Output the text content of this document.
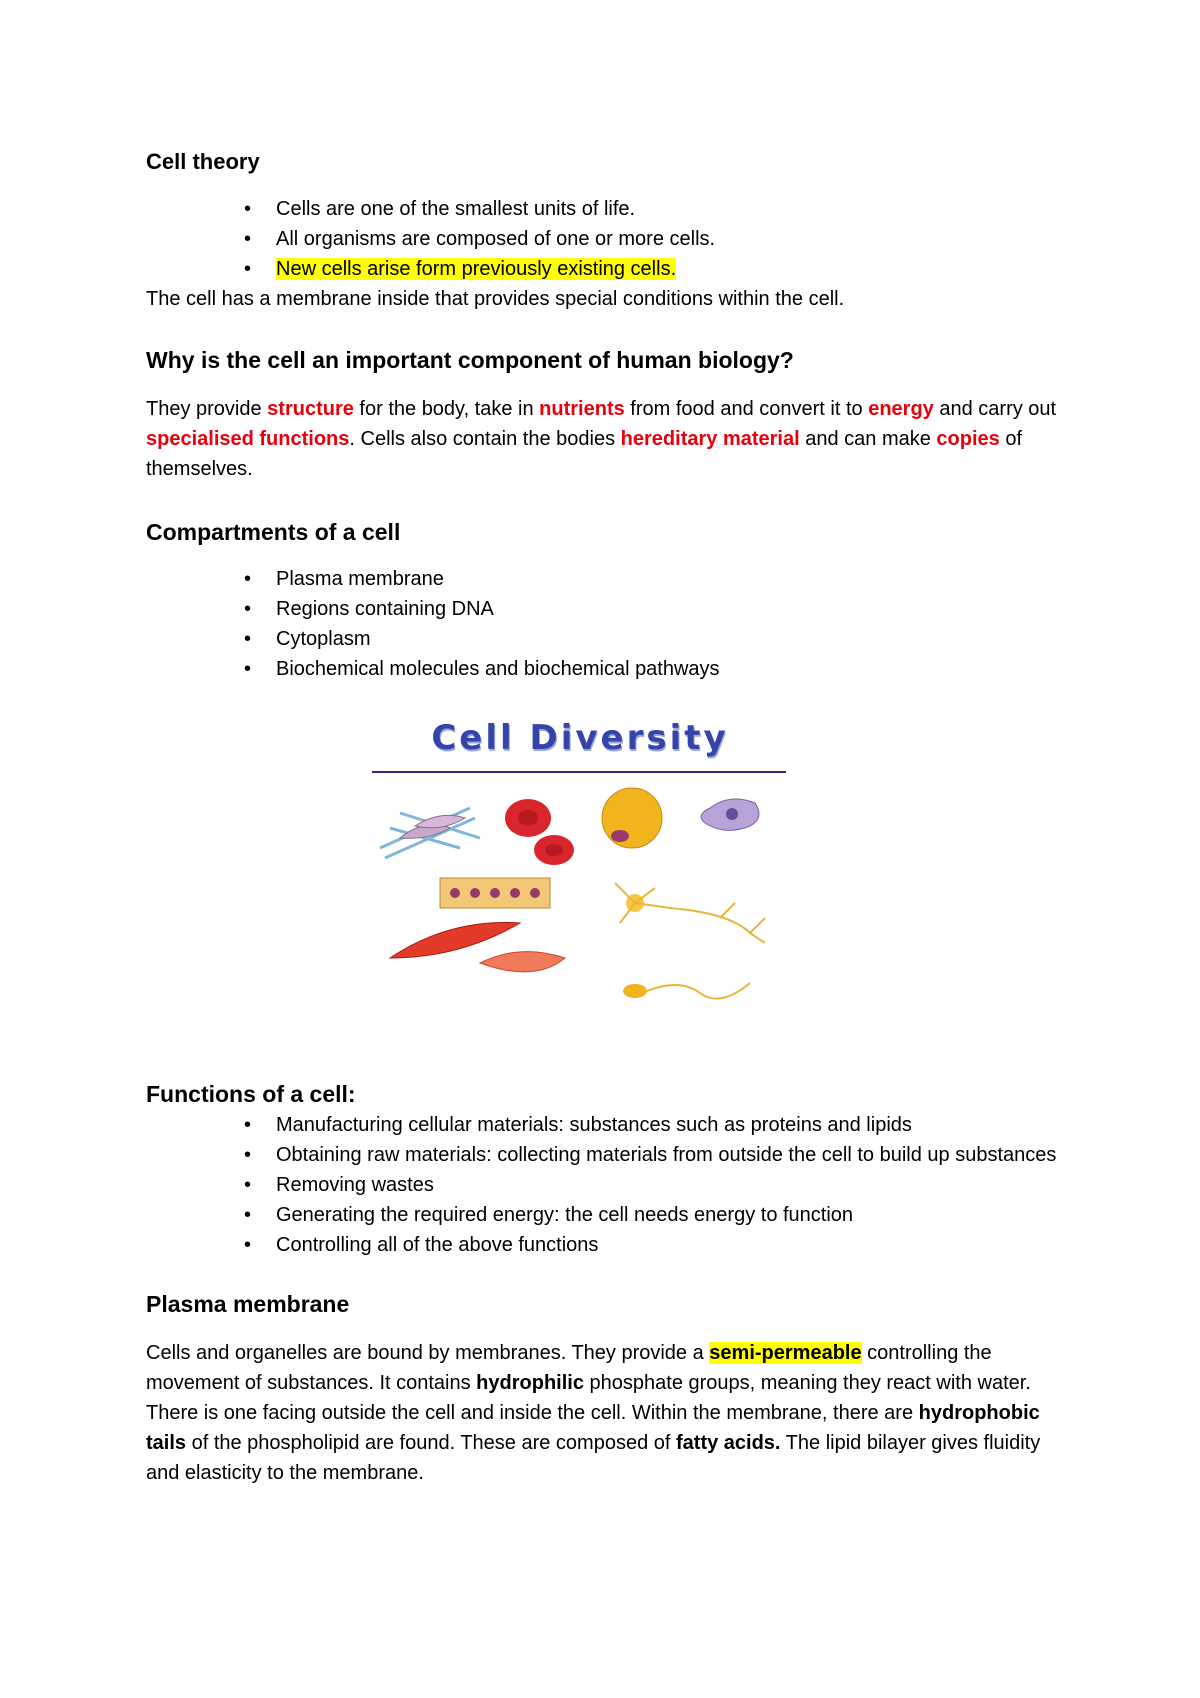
Cell theory
• Cells are one of the smallest units of life.
• All organisms are composed of one or more cells.
• New cells arise form previously existing cells.

The cell has a membrane inside that provides special conditions within the cell.

Why is the cell an important component of human biology?

They provide structure for the body, take in nutrients from food and convert it to energy and carry out specialised functions. Cells also contain the bodies hereditary material and can make copies of themselves.

Compartments of a cell
• Plasma membrane
• Regions containing DNA
• Cytoplasm
• Biochemical molecules and biochemical pathways
Cell Diversity
Functions of a cell:
• Manufacturing cellular materials: substances such as proteins and lipids
• Obtaining raw materials: collecting materials from outside the cell to build up substances
• Removing wastes
• Generating the required energy: the cell needs energy to function
• Controlling all of the above functions
Plasma membrane

Cells and organelles are bound by membranes. They provide a semi-permeable controlling the movement of substances. It contains hydrophilic phosphate groups, meaning they react with water. There is one facing outside the cell and inside the cell. Within the membrane, there are hydrophobic tails of the phospholipid are found. These are composed of fatty acids. The lipid bilayer gives fluidity and elasticity to the membrane.
